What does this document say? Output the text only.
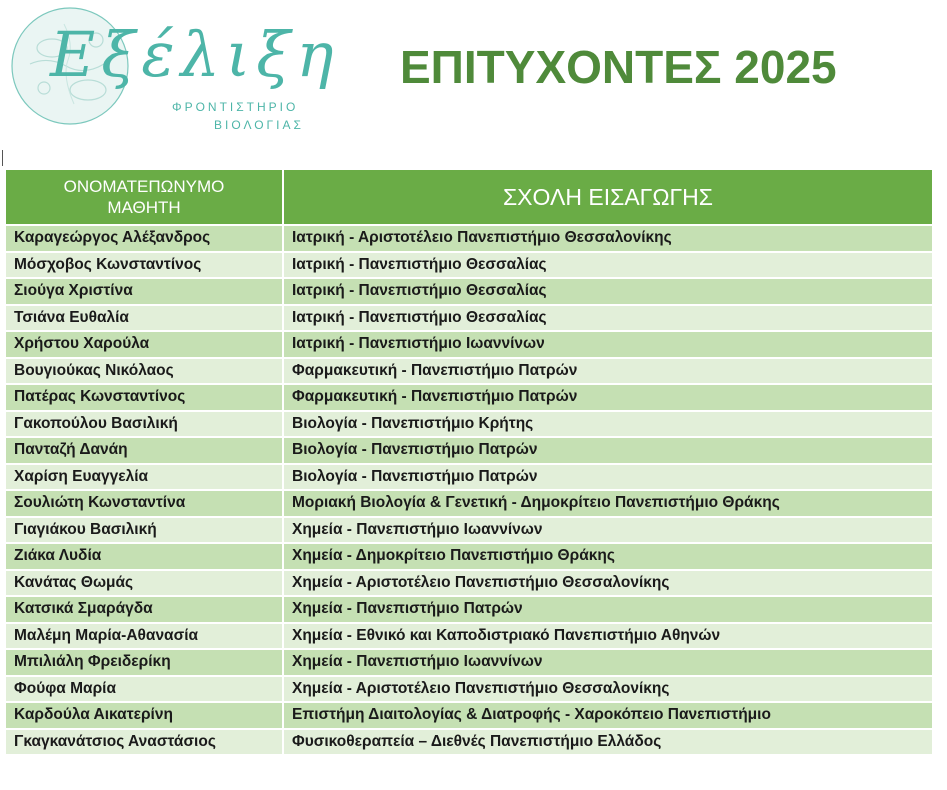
Εξέλιξη
ΦΡΟΝΤΙΣΤΗΡΙΟ
ΒΙΟΛΟΓΙΑΣ
ΕΠΙΤΥΧΟΝΤΕΣ 2025
ΟΝΟΜΑΤΕΠΩΝΥΜΟ
ΜΑΘΗΤΗ	ΣΧΟΛΗ ΕΙΣΑΓΩΓΗΣ
Καραγεώργος Αλέξανδρος	Ιατρική - Αριστοτέλειο Πανεπιστήμιο Θεσσαλονίκης
Μόσχοβος Κωνσταντίνος	Ιατρική - Πανεπιστήμιο Θεσσαλίας
Σιούγα Χριστίνα	Ιατρική - Πανεπιστήμιο Θεσσαλίας
Τσιάνα Ευθαλία	Ιατρική - Πανεπιστήμιο Θεσσαλίας
Χρήστου Χαρούλα	Ιατρική - Πανεπιστήμιο Ιωαννίνων
Βουγιούκας Νικόλαος	Φαρμακευτική - Πανεπιστήμιο Πατρών
Πατέρας Κωνσταντίνος	Φαρμακευτική - Πανεπιστήμιο Πατρών
Γακοπούλου Βασιλική	Βιολογία - Πανεπιστήμιο Κρήτης
Πανταζή Δανάη	Βιολογία - Πανεπιστήμιο Πατρών
Χαρίση Ευαγγελία	Βιολογία - Πανεπιστήμιο Πατρών
Σουλιώτη Κωνσταντίνα	Μοριακή Βιολογία & Γενετική - Δημοκρίτειο Πανεπιστήμιο Θράκης
Γιαγιάκου Βασιλική	Χημεία - Πανεπιστήμιο Ιωαννίνων
Ζιάκα Λυδία	Χημεία - Δημοκρίτειο Πανεπιστήμιο Θράκης
Κανάτας Θωμάς	Χημεία - Αριστοτέλειο Πανεπιστήμιο Θεσσαλονίκης
Κατσικά Σμαράγδα	Χημεία - Πανεπιστήμιο Πατρών
Μαλέμη Μαρία-Αθανασία	Χημεία - Εθνικό και Καποδιστριακό Πανεπιστήμιο Αθηνών
Μπιλιάλη Φρειδερίκη	Χημεία - Πανεπιστήμιο Ιωαννίνων
Φούφα Μαρία	Χημεία - Αριστοτέλειο Πανεπιστήμιο Θεσσαλονίκης
Καρδούλα Αικατερίνη	Επιστήμη Διαιτολογίας & Διατροφής - Χαροκόπειο Πανεπιστήμιο
Γκαγκανάτσιος Αναστάσιος	Φυσικοθεραπεία – Διεθνές Πανεπιστήμιο Ελλάδος
